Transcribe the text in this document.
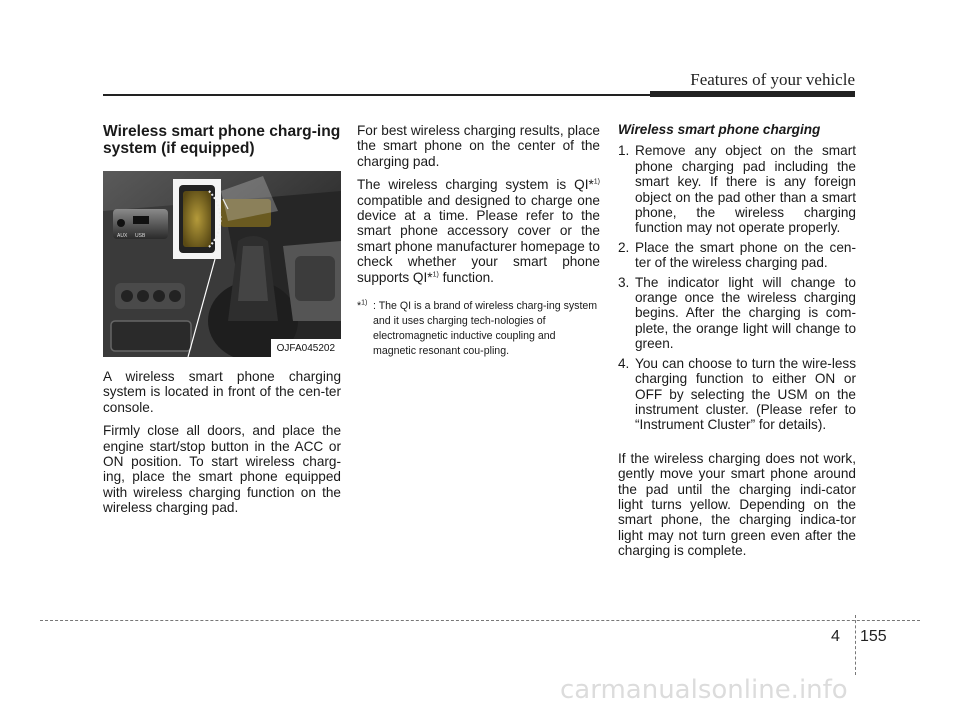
Features of your vehicle
Wireless smart phone charg-ing system (if equipped)
AUX USB
OJFA045202

A wireless smart phone charging system is located in front of the cen-ter console.

Firmly close all doors, and place the engine start/stop button in the ACC or ON position. To start wireless charg-ing, place the smart phone equipped with wireless charging function on the wireless charging pad.

For best wireless charging results, place the smart phone on the center of the charging pad.

The wireless charging system is QI*$^{1)}$ compatible and designed to charge one device at a time. Please refer to the smart phone accessory cover or the smart phone manufacturer homepage to check whether your smart phone supports QI*$^{1)}$ function.

*$^{1)}$ : The QI is a brand of wireless charg-ing system and it uses charging tech-nologies of electromagnetic inductive coupling and magnetic resonant cou-pling.
Wireless smart phone charging
1. Remove any object on the smart phone charging pad including the smart key. If there is any foreign object on the pad other than a smart phone, the wireless charging function may not operate properly.
2. Place the smart phone on the cen-ter of the wireless charging pad.
3. The indicator light will change to orange once the wireless charging begins. After the charging is com-plete, the orange light will change to green.
4. You can choose to turn the wire-less charging function to either ON or OFF by selecting the USM on the instrument cluster. (Please refer to “Instrument Cluster” for details).

If the wireless charging does not work, gently move your smart phone around the pad until the charging indi-cator light turns yellow. Depending on the smart phone, the charging indica-tor light may not turn green even after the charging is complete.

4 155
carmanualsonline.info
